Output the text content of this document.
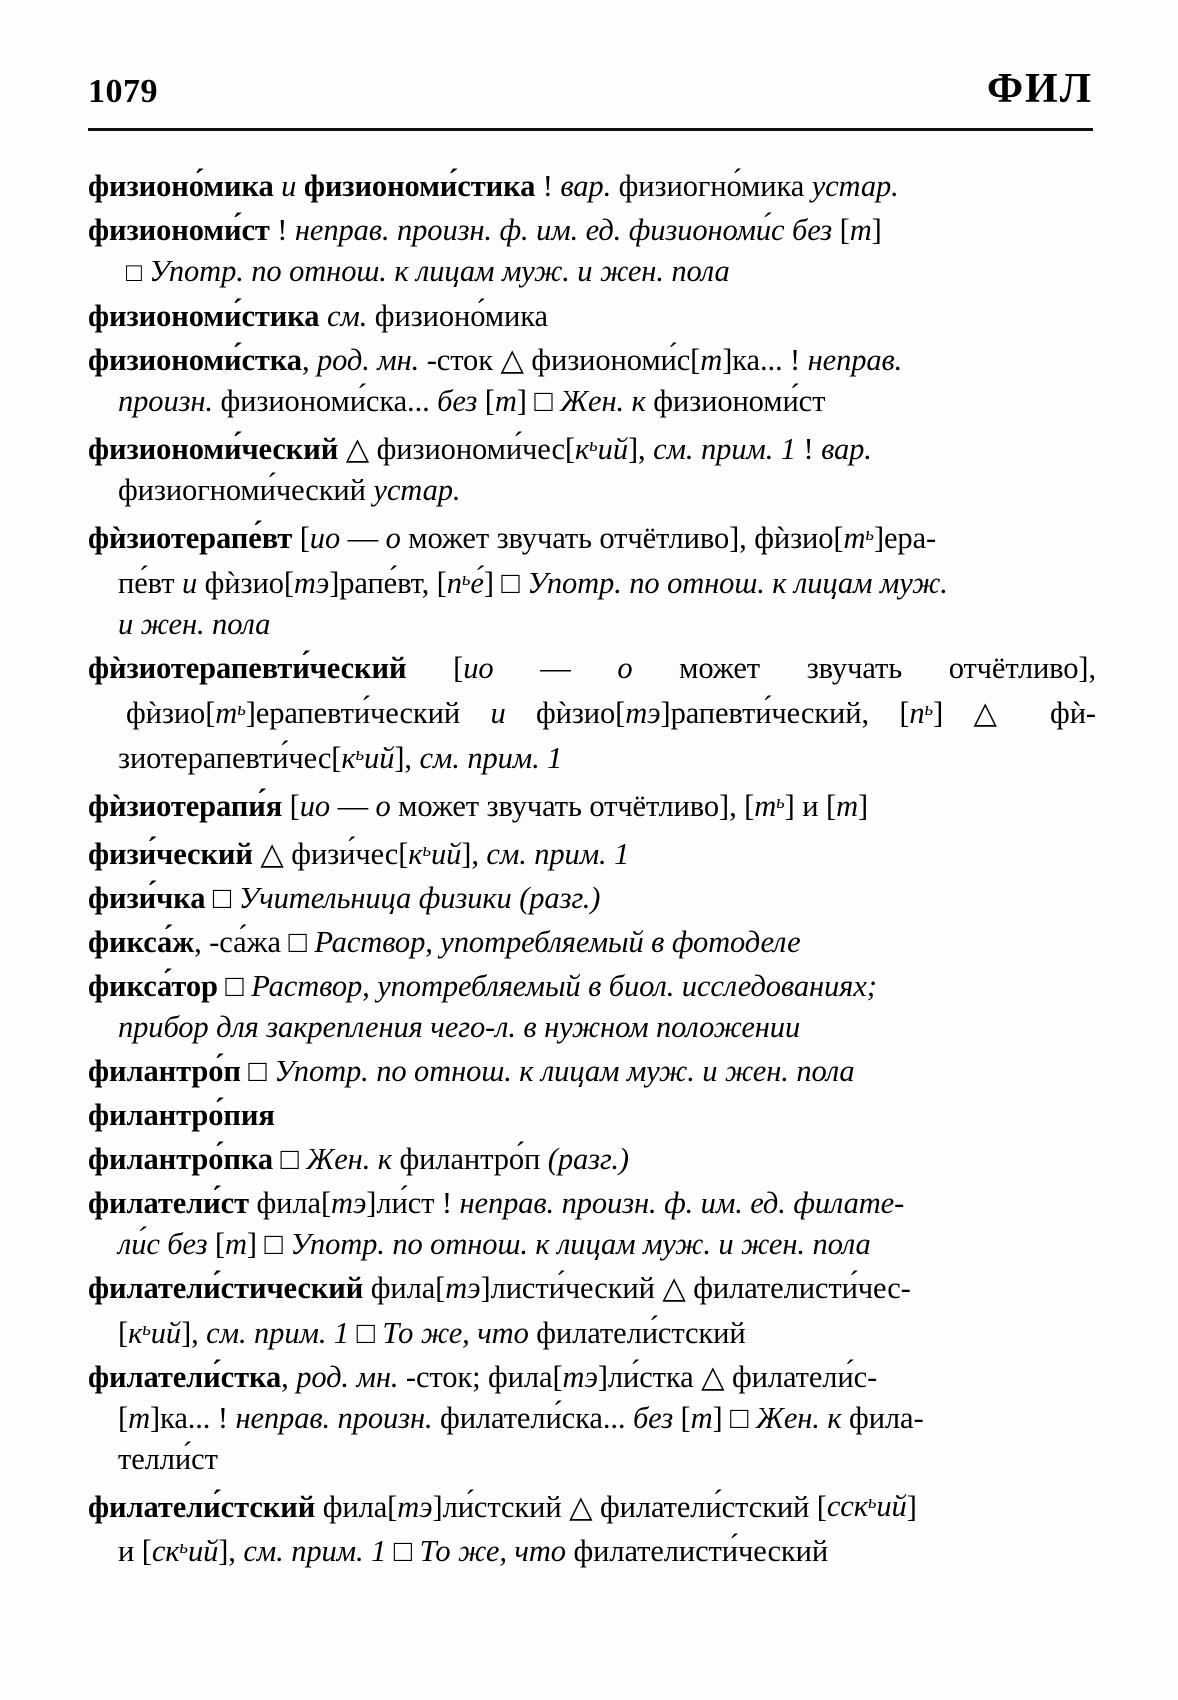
1079	ФИЛ
физионо́мика и физиономи́стика ! вар. физиогно́мика устар.
физиономи́ст ! неправ. произн. ф. им. ед. физиономи́с без [т]
□ Употр. по отнош. к лицам муж. и жен. пола
физиономи́стика см. физионо́мика
физиономи́стка, род. мн. -сток △ физиономи́с[т]ка... ! неправ.
произн. физиономи́ска... без [т] □ Жен. к физиономи́ст
физиономи́ческий △ $физиономи́чес[к^ьий]$, см. прим. 1 ! вар.
физиогноми́ческий устар.
фѝзиотерапе́вт [ио — о может звучать отчётливо], $фѝзио[т^ь]ера-$
пе́вт и фѝзио[тэ]рапе́вт, $[п^ье́]$ □ Употр. по отнош. к лицам муж.
и жен. пола
фѝзиотерапевти́ческий [ио — о может звучать отчётливо],
$фѝзио[т^ь]ерапевти́ческий$ и фѝзио[тэ]рапевти́ческий, $[п^ь]$ △ фѝ-
$зиотерапевти́чес[к^ьий]$, см. прим. 1
фѝзиотерапи́я [ио — о может звучать отчётливо], $[т^ь]$ и [т]
физи́ческий △ $физи́чес[к^ьий]$, см. прим. 1
физи́чка □ Учительница физики (разг.)
фикса́ж, -са́жа □ Раствор, употребляемый в фотоделе
фикса́тор □ Раствор, употребляемый в биол. исследованиях;
прибор для закрепления чего-л. в нужном положении
филантро́п □ Употр. по отнош. к лицам муж. и жен. пола
филантро́пия
филантро́пка □ Жен. к филантро́п (разг.)
филатели́ст фила[тэ]ли́ст ! неправ. произн. ф. им. ед. филате-
ли́с без [т] □ Употр. по отнош. к лицам муж. и жен. пола
филатели́стический фила[тэ]листи́ческий △ филателисти́чес-
$[к^ьий]$, см. прим. 1 □ То же, что филатели́стский
филатели́стка, род. мн. -сток; фила[тэ]ли́стка △ филатели́с-
[т]ка... ! неправ. произн. филатели́ска... без [т] □ Жен. к фила-
телли́ст
филатели́стский фила[тэ]ли́стский △ филатели́стский [сск$^ь$ий]
и $[ск^ьий]$, см. прим. 1 □ То же, что филателисти́ческий
